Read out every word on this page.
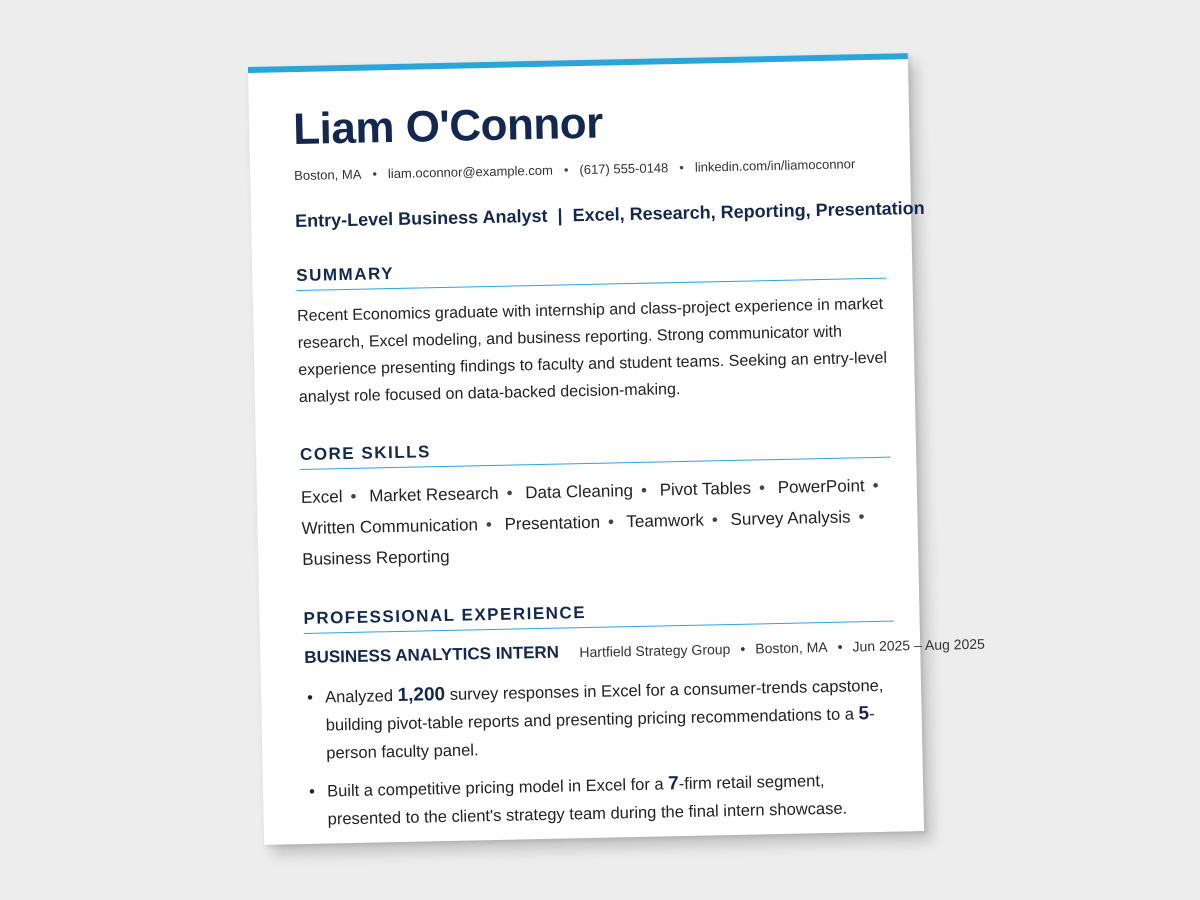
Liam O'Connor
Boston, MA • liam.oconnor@example.com • (617) 555-0148 • linkedin.com/in/liamoconnor
Entry-Level Business Analyst | Excel, Research, Reporting, Presentation
SUMMARY
Recent Economics graduate with internship and class-project experience in market research, Excel modeling, and business reporting. Strong communicator with experience presenting findings to faculty and student teams. Seeking an entry-level analyst role focused on data-backed decision-making.
CORE SKILLS
Excel • Market Research • Data Cleaning • Pivot Tables • PowerPoint • Written Communication • Presentation • Teamwork • Survey Analysis • Business Reporting
PROFESSIONAL EXPERIENCE
BUSINESS ANALYTICS INTERN Hartfield Strategy Group • Boston, MA • Jun 2025 – Aug 2025
• Analyzed 1,200 survey responses in Excel for a consumer-trends capstone, building pivot-table reports and presenting pricing recommendations to a 5-person faculty panel.
• Built a competitive pricing model in Excel for a 7-firm retail segment, presented to the client's strategy team during the final intern showcase.
